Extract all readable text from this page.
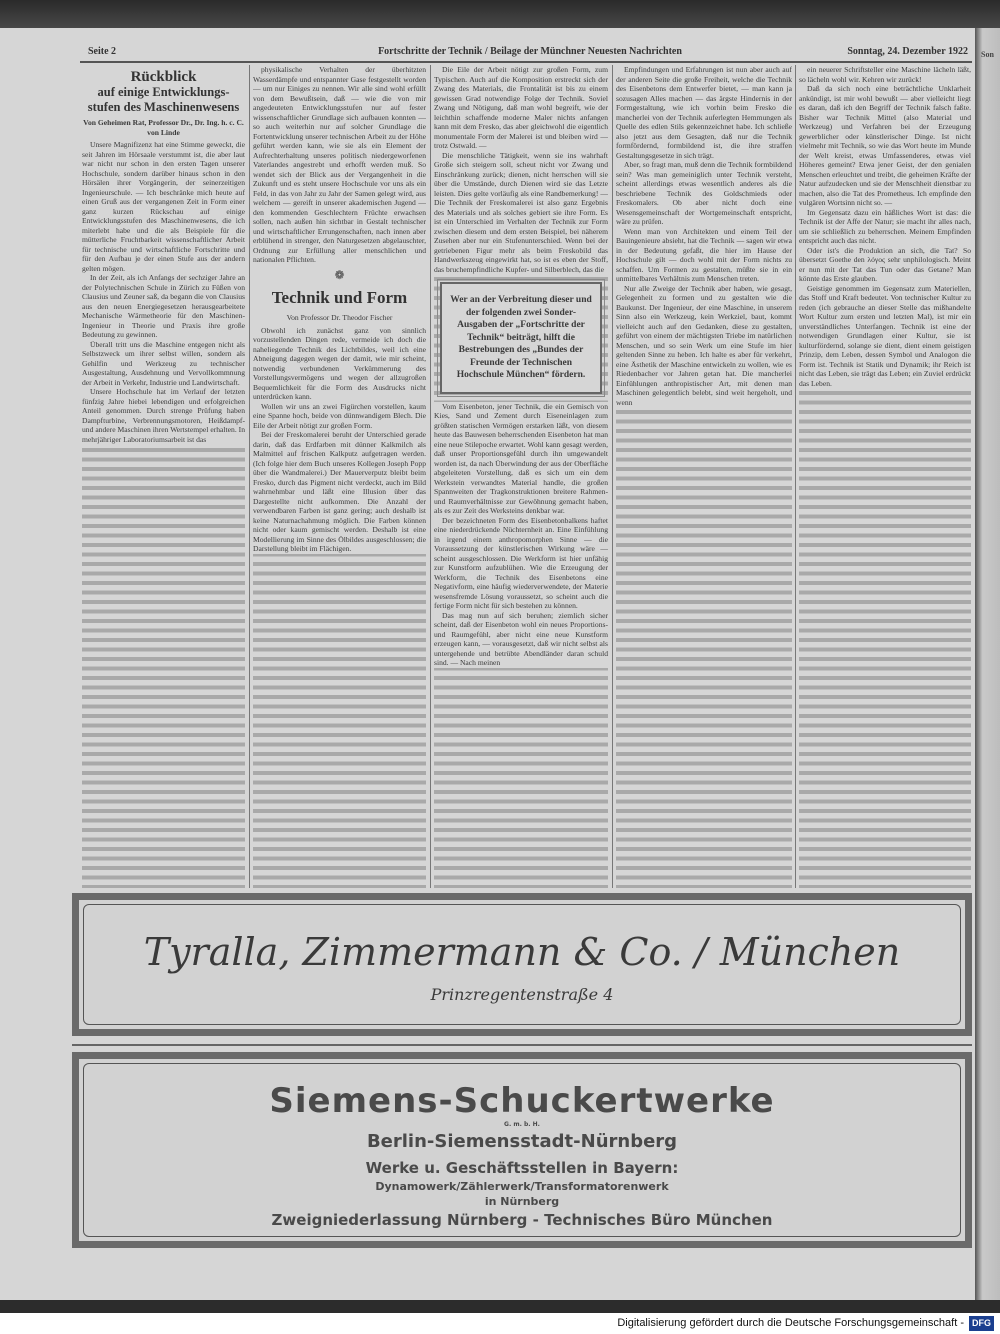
Son
Seite 2	Fortschritte der Technik / Beilage der Münchner Neuesten Nachrichten	Sonntag, 24. Dezember 1922
Rückblick
auf einige Entwicklungs-
stufen des Maschinenwesens
Von Geheimen Rat, Professor Dr., Dr. Ing. h. c. C. von Linde

Unsere Magnifizenz hat eine Stimme geweckt, die seit Jahren im Hörsaale verstummt ist, die aber laut war nicht nur schon in den ersten Tagen unserer Hochschule, sondern darüber hinaus schon in den Hörsälen ihrer Vorgängerin, der seinerzeitigen Ingenieurschule. — Ich beschränke mich heute auf einen Gruß aus der vergangenen Zeit in Form einer ganz kurzen Rückschau auf einige Entwicklungsstufen des Maschinenwesens, die ich miterlebt habe und die als Beispiele für die mütterliche Fruchtbarkeit wissenschaftlicher Arbeit für technische und wirtschaftliche Fortschritte und für den Aufbau je der einen Stufe aus der andern gelten mögen.

In der Zeit, als ich Anfangs der sechziger Jahre an der Polytechnischen Schule in Zürich zu Füßen von Clausius und Zeuner saß, da begann die von Clausius aus den neuen Energiegesetzen herausgearbeitete Mechanische Wärmetheorie für den Maschinen-Ingenieur in Theorie und Praxis ihre große Bedeutung zu gewinnen.

Überall tritt uns die Maschine entgegen nicht als Selbstzweck um ihrer selbst willen, sondern als Gehilfin und Werkzeug zu technischer Ausgestaltung, Ausdehnung und Vervollkommnung der Arbeit in Verkehr, Industrie und Landwirtschaft.

Unsere Hochschule hat im Verlauf der letzten fünfzig Jahre hiebei lebendigen und erfolgreichen Anteil genommen. Durch strenge Prüfung haben Dampfturbine, Verbrennungsmotoren, Heißdampf- und andere Maschinen ihren Wertstempel erhalten. In mehrjähriger Laboratoriumsarbeit ist das

physikalische Verhalten der überhitzten Wasserdämpfe und entspannter Gase festgestellt worden — um nur Einiges zu nennen. Wir alle sind wohl erfüllt von dem Bewußtsein, daß — wie die von mir angedeuteten Entwicklungsstufen nur auf fester wissenschaftlicher Grundlage sich aufbauen konnten — so auch weiterhin nur auf solcher Grundlage die Fortentwicklung unserer technischen Arbeit zu der Höhe geführt werden kann, wie sie als ein Element der Aufrechterhaltung unseres politisch niedergeworfenen Vaterlandes angestrebt und erhofft werden muß. So wendet sich der Blick aus der Vergangenheit in die Zukunft und es steht unsere Hochschule vor uns als ein Feld, in das von Jahr zu Jahr der Samen gelegt wird, aus welchem — gereift in unserer akademischen Jugend — den kommenden Geschlechtern Früchte erwachsen sollen, nach außen hin sichtbar in Gestalt technischer und wirtschaftlicher Errungenschaften, nach innen aber erblühend in strenger, den Naturgesetzen abgelauschter, Ordnung zur Erfüllung aller menschlichen und nationalen Pflichten.

❁
Technik und Form
Von Professor Dr. Theodor Fischer

Obwohl ich zunächst ganz von sinnlich vorzustellenden Dingen rede, vermeide ich doch die naheliegende Technik des Lichtbildes, weil ich eine Abneigung dagegen wegen der damit, wie mir scheint, notwendig verbundenen Verkümmerung des Vorstellungsvermögens und wegen der allzugroßen Bequemlichkeit für die Form des Ausdrucks nicht unterdrücken kann.

Wollen wir uns an zwei Figürchen vorstellen, kaum eine Spanne hoch, beide von dünnwandigem Blech. Die Eile der Arbeit nötigt zur großen Form.

Bei der Freskomalerei beruht der Unterschied gerade darin, daß das Erdfarben mit dünner Kalkmilch als Malmittel auf frischen Kalkputz aufgetragen werden. (Ich folge hier dem Buch unseres Kollegen Joseph Popp über die Wandmalerei.) Der Mauerverputz bleibt beim Fresko, durch das Pigment nicht verdeckt, auch im Bild wahrnehmbar und läßt eine Illusion über das Dargestellte nicht aufkommen. Die Anzahl der verwendbaren Farben ist ganz gering; auch deshalb ist keine Naturnachahmung möglich. Die Farben können nicht oder kaum gemischt werden. Deshalb ist eine Modellierung im Sinne des Ölbildes ausgeschlossen; die Darstellung bleibt im Flächigen.

Die Eile der Arbeit nötigt zur großen Form, zum Typischen. Auch auf die Komposition erstreckt sich der Zwang des Materials, die Frontalität ist bis zu einem gewissen Grad notwendige Folge der Technik. Soviel Zwang und Nötigung, daß man wohl begreift, wie der leichthin schaffende moderne Maler nichts anfangen kann mit dem Fresko, das aber gleichwohl die eigentlich monumentale Form der Malerei ist und bleiben wird — trotz Ostwald. —

Die menschliche Tätigkeit, wenn sie ins wahrhaft Große sich steigern soll, scheut nicht vor Zwang und Einschränkung zurück; dienen, nicht herrschen will sie über die Umstände, durch Dienen wird sie das Letzte leisten. Dies gelte vorläufig als eine Randbemerkung! — Die Technik der Freskomalerei ist also ganz Ergebnis des Materials und als solches gebiert sie ihre Form. Es ist ein Unterschied im Verhalten der Technik zur Form zwischen diesem und dem ersten Beispiel, bei näherem Zusehen aber nur ein Stufenunterschied. Wenn bei der getriebenen Figur mehr als beim Freskobild das Handwerkszeug eingewirkt hat, so ist es eben der Stoff, das bruchempfindliche Kupfer- und Silberblech, das die

Wer an der Verbreitung dieser und der folgenden zwei Sonder-Ausgaben der „Fortschritte der Technik“ beiträgt, hilft die Bestrebungen des „Bundes der Freunde der Technischen Hochschule München“ fördern.

Vom Eisenbeton, jener Technik, die ein Gemisch von Kies, Sand und Zement durch Eiseneinlagen zum größten statischen Vermögen erstarken läßt, von diesem heute das Bauwesen beherrschenden Eisenbeton hat man eine neue Stilepoche erwartet. Wohl kann gesagt werden, daß unser Proportionsgefühl durch ihn umgewandelt worden ist, da nach Überwindung der aus der Oberfläche abgeleiteten Vorstellung, daß es sich um ein dem Werkstein verwandtes Material handle, die großen Spannweiten der Tragkonstruktionen breitere Rahmen- und Raumverhältnisse zur Gewöhnung gemacht haben, als es zur Zeit des Werksteins denkbar war.

Der bezeichneten Form des Eisenbetonbalkens haftet eine niederdrückende Nüchternheit an. Eine Einfühlung in irgend einem anthropomorphen Sinne — die Voraussetzung der künstlerischen Wirkung wäre — scheint ausgeschlossen. Die Werkform ist hier unfähig zur Kunstform aufzublühen. Wie die Erzeugung der Werkform, die Technik des Eisenbetons eine Negativform, eine häufig wiederverwendete, der Materie wesensfremde Lösung voraussetzt, so scheint auch die fertige Form nicht für sich bestehen zu können.

Das mag nun auf sich beruhen; ziemlich sicher scheint, daß der Eisenbeton wohl ein neues Proportions- und Raumgefühl, aber nicht eine neue Kunstform erzeugen kann, — vorausgesetzt, daß wir nicht selbst als untergehende und betrübte Abendländer daran schuld sind. — Nach meinen

Empfindungen und Erfahrungen ist nun aber auch auf der anderen Seite die große Freiheit, welche die Technik des Eisenbetons dem Entwerfer bietet, — man kann ja sozusagen Alles machen — das ärgste Hindernis in der Formgestaltung, wie ich vorhin beim Fresko die mancherlei von der Technik auferlegten Hemmungen als Quelle des edlen Stils gekennzeichnet habe. Ich schließe also jetzt aus dem Gesagten, daß nur die Technik formfördernd, formbildend ist, die ihre straffen Gestaltungsgesetze in sich trägt.

Aber, so fragt man, muß denn die Technik formbildend sein? Was man gemeiniglich unter Technik versteht, scheint allerdings etwas wesentlich anderes als die beschriebene Technik des Goldschmieds oder Freskomalers. Ob aber nicht doch eine Wesensgemeinschaft der Wortgemeinschaft entspricht, wäre zu prüfen.

Wenn man von Architekten und einem Teil der Bauingenieure absieht, hat die Technik — sagen wir etwa in der Bedeutung gefaßt, die hier im Hause der Hochschule gilt — doch wohl mit der Form nichts zu schaffen. Um Formen zu gestalten, müßte sie in ein unmittelbares Verhältnis zum Menschen treten.

Nur alle Zweige der Technik aber haben, wie gesagt, Gelegenheit zu formen und zu gestalten wie die Baukunst. Der Ingenieur, der eine Maschine, in unserem Sinn also ein Werkzeug, kein Werkziel, baut, kommt vielleicht auch auf den Gedanken, diese zu gestalten, geführt von einem der mächtigsten Triebe im natürlichen Menschen, und so sein Werk um eine Stufe im hier geltenden Sinne zu heben. Ich halte es aber für verkehrt, eine Ästhetik der Maschine entwickeln zu wollen, wie es Riedenbacher vor Jahren getan hat. Die mancherlei Einfühlungen anthropistischer Art, mit denen man Maschinen gelegentlich belebt, sind weit hergeholt, und wenn

ein neuerer Schriftsteller eine Maschine lächeln läßt, so lächeln wohl wir. Kehren wir zurück!

Daß da sich noch eine beträchtliche Unklarheit ankündigt, ist mir wohl bewußt — aber vielleicht liegt es daran, daß ich den Begriff der Technik falsch faßte. Bisher war Technik Mittel (also Material und Werkzeug) und Verfahren bei der Erzeugung gewerblicher oder künstlerischer Dinge. Ist nicht vielmehr mit Technik, so wie das Wort heute im Munde der Welt kreist, etwas Umfassenderes, etwas viel Höheres gemeint? Etwa jener Geist, der den genialen Menschen erleuchtet und treibt, die geheimen Kräfte der Natur aufzudecken und sie der Menschheit dienstbar zu machen, also die Tat des Prometheus. Ich empfinde den vulgären Wortsinn nicht so. —

Im Gegensatz dazu ein häßliches Wort ist das: die Technik ist der Affe der Natur; sie macht ihr alles nach, um sie schließlich zu beherrschen. Meinem Empfinden entspricht auch das nicht.

Oder ist's die Produktion an sich, die Tat? So übersetzt Goethe den λόγος sehr unphilologisch. Meint er nun mit der Tat das Tun oder das Getane? Man könnte das Erste glauben.

Geistige genommen im Gegensatz zum Materiellen, das Stoff und Kraft bedeutet. Von technischer Kultur zu reden (ich gebrauche an dieser Stelle das mißhandelte Wort Kultur zum ersten und letzten Mal), ist mir ein unverständliches Unterfangen. Technik ist eine der notwendigen Grundlagen einer Kultur, sie ist kulturfördernd, solange sie dient, dient einem geistigen Prinzip, dem Leben, dessen Symbol und Analogon die Form ist. Technik ist Statik und Dynamik; ihr Reich ist nicht das Leben, sie trägt das Leben; ein Zuviel erdrückt das Leben.

Tyralla, Zimmermann & Co. / München
Prinzregentenstraße 4
Siemens-Schuckertwerke
G. m. b. H.
Berlin-Siemensstadt-Nürnberg
Werke u. Geschäftsstellen in Bayern:
Dynamowerk/Zählerwerk/Transformatorenwerk
in Nürnberg
Zweigniederlassung Nürnberg - Technisches Büro München
Digitalisierung gefördert durch die Deutsche Forschungsgemeinschaft - DFG
